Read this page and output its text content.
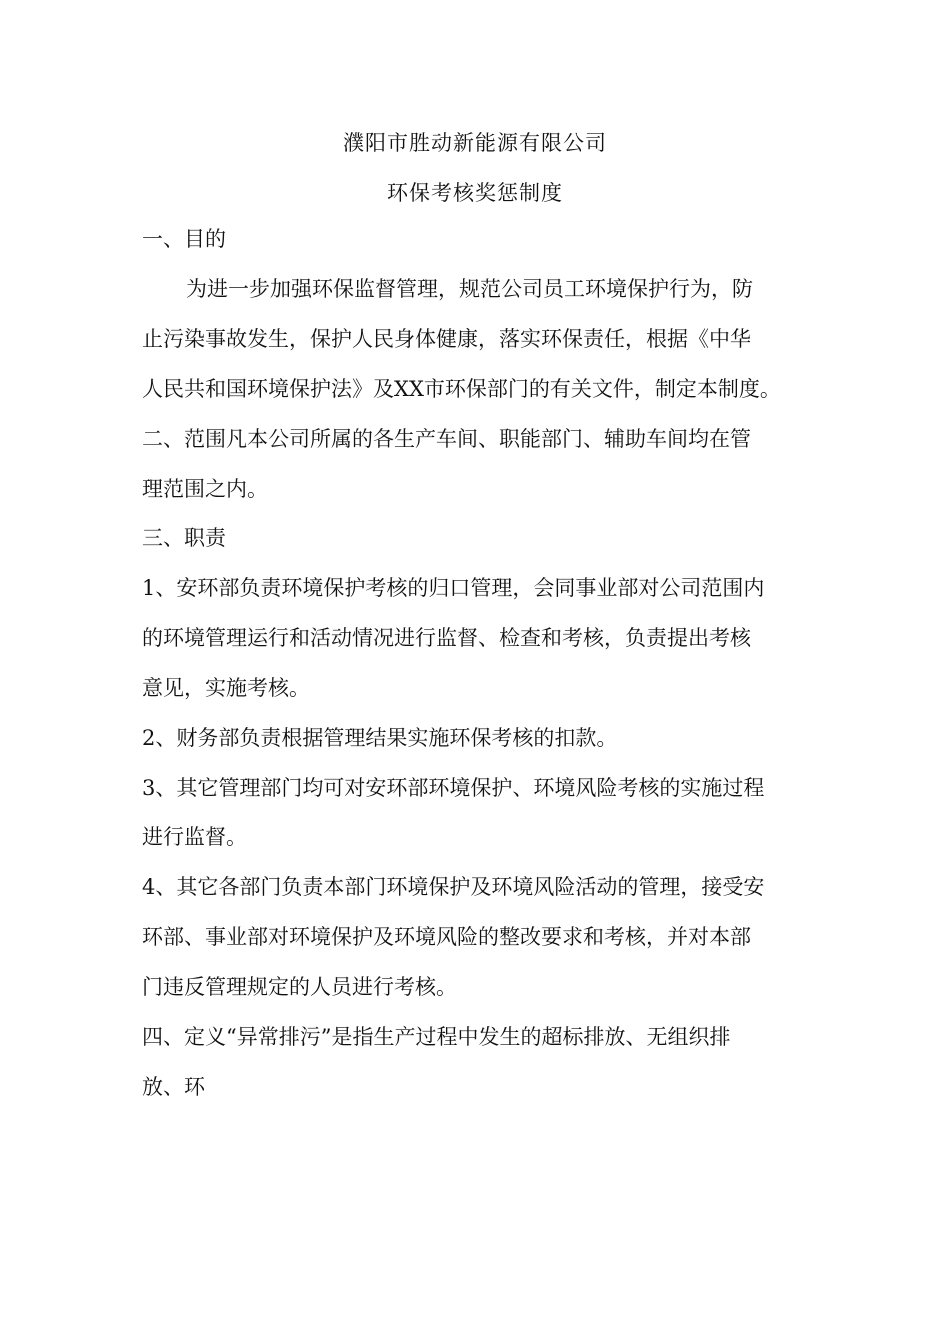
濮阳市胜动新能源有限公司
环保考核奖惩制度
一、目的
为进一步加强环保监督管理，规范公司员工环境保护行为，防
止污染事故发生，保护人民身体健康，落实环保责任，根据《中华
人民共和国环境保护法》及XX市环保部门的有关文件，制定本制度。
二、范围凡本公司所属的各生产车间、职能部门、辅助车间均在管
理范围之内。
三、职责
1、安环部负责环境保护考核的归口管理，会同事业部对公司范围内
的环境管理运行和活动情况进行监督、检查和考核，负责提出考核
意见，实施考核。
2、财务部负责根据管理结果实施环保考核的扣款。
3、其它管理部门均可对安环部环境保护、环境风险考核的实施过程
进行监督。
4、其它各部门负责本部门环境保护及环境风险活动的管理，接受安
环部、事业部对环境保护及环境风险的整改要求和考核，并对本部
门违反管理规定的人员进行考核。
四、定义“异常排污”是指生产过程中发生的超标排放、无组织排
放、环
